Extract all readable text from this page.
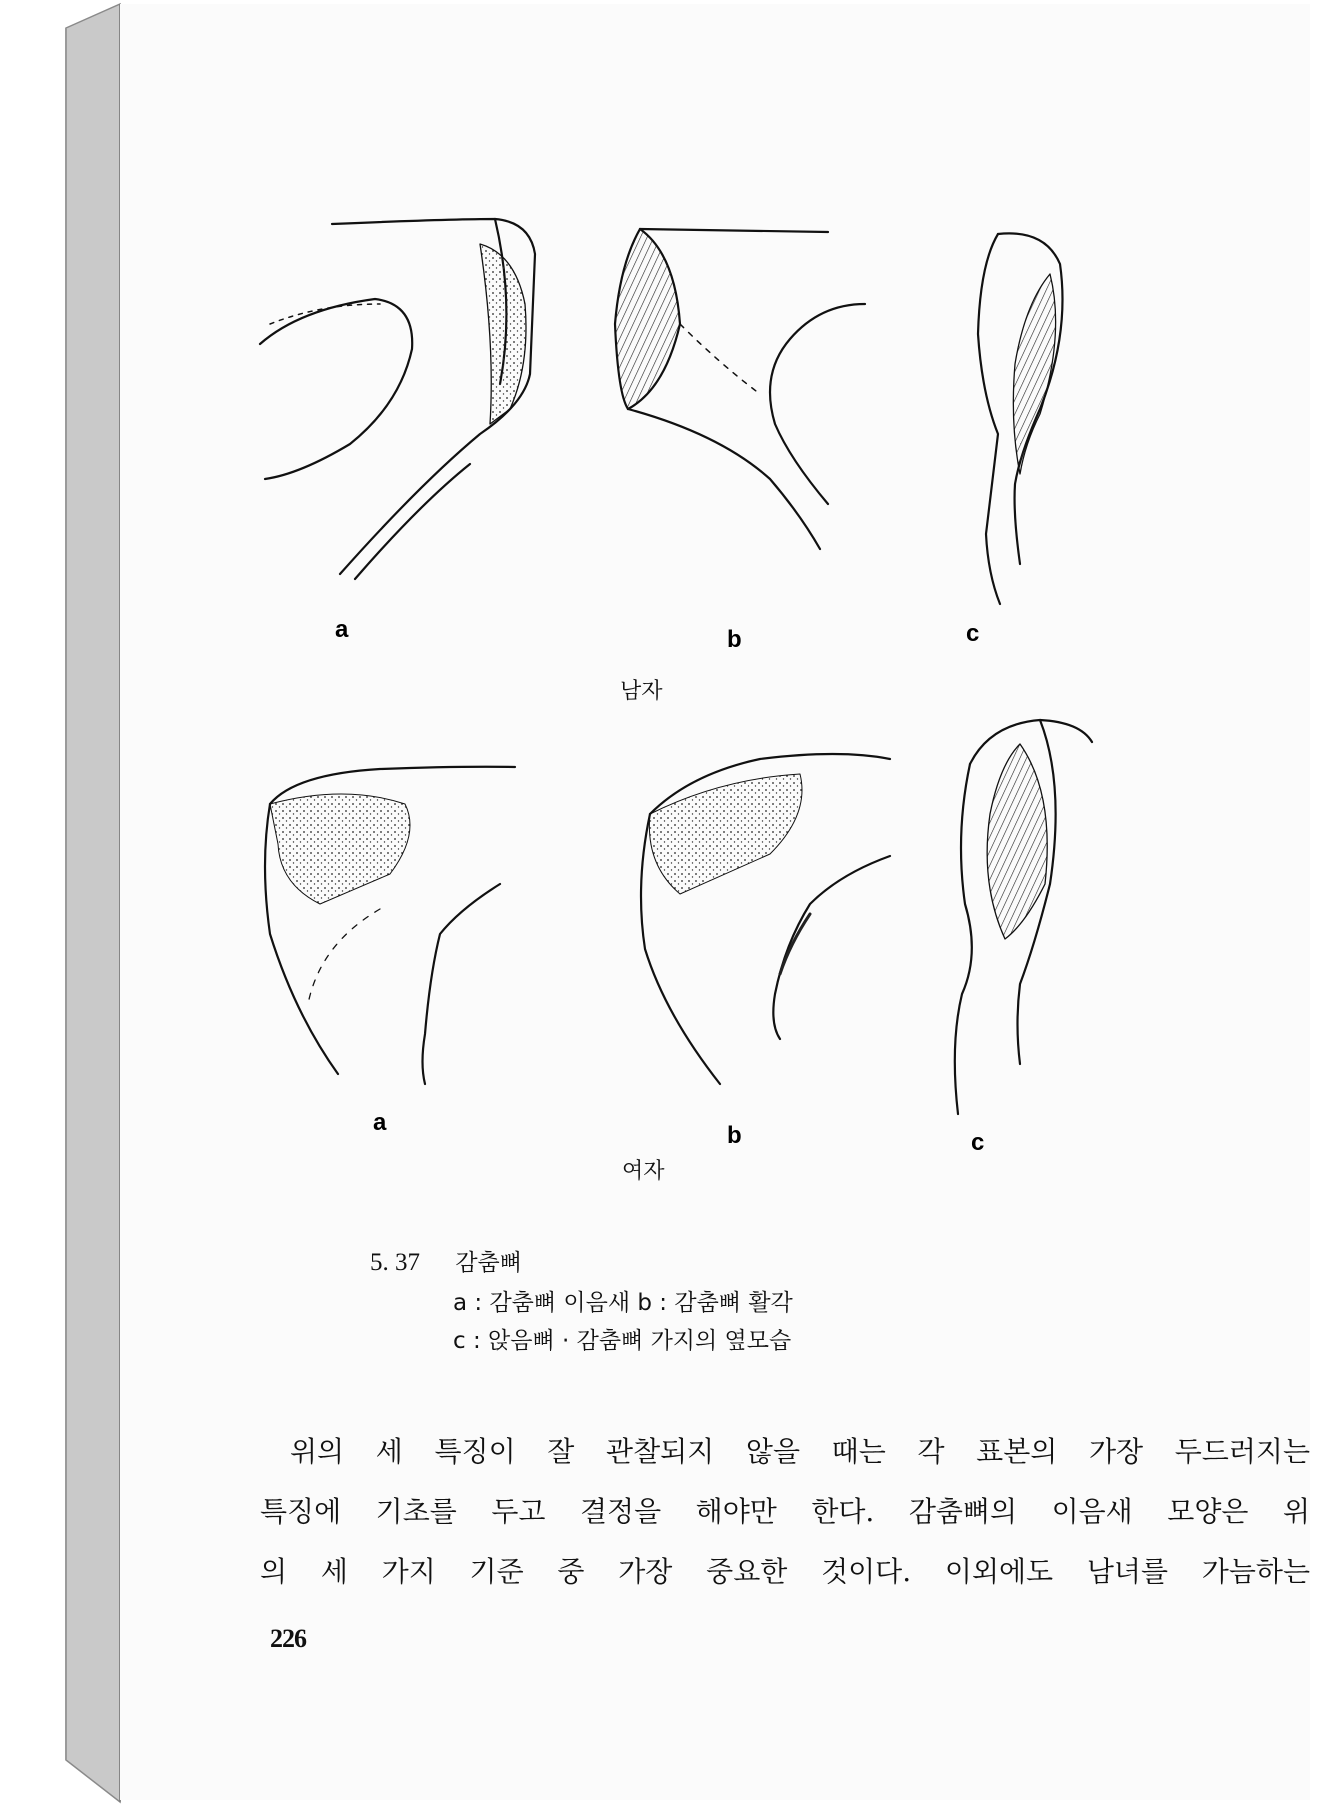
a	b	c
남자
a	b	c
여자
5. 37 감춤뼈
a : 감춤뼈 이음새 b : 감춤뼈 활각
c : 앉음뼈 · 감춤뼈 가지의 옆모습
위의 세 특징이 잘 관찰되지 않을 때는 각 표본의 가장 두드러지는
특징에 기초를 두고 결정을 해야만 한다. 감춤뼈의 이음새 모양은 위
의 세 가지 기준 중 가장 중요한 것이다. 이외에도 남녀를 가늠하는
226
